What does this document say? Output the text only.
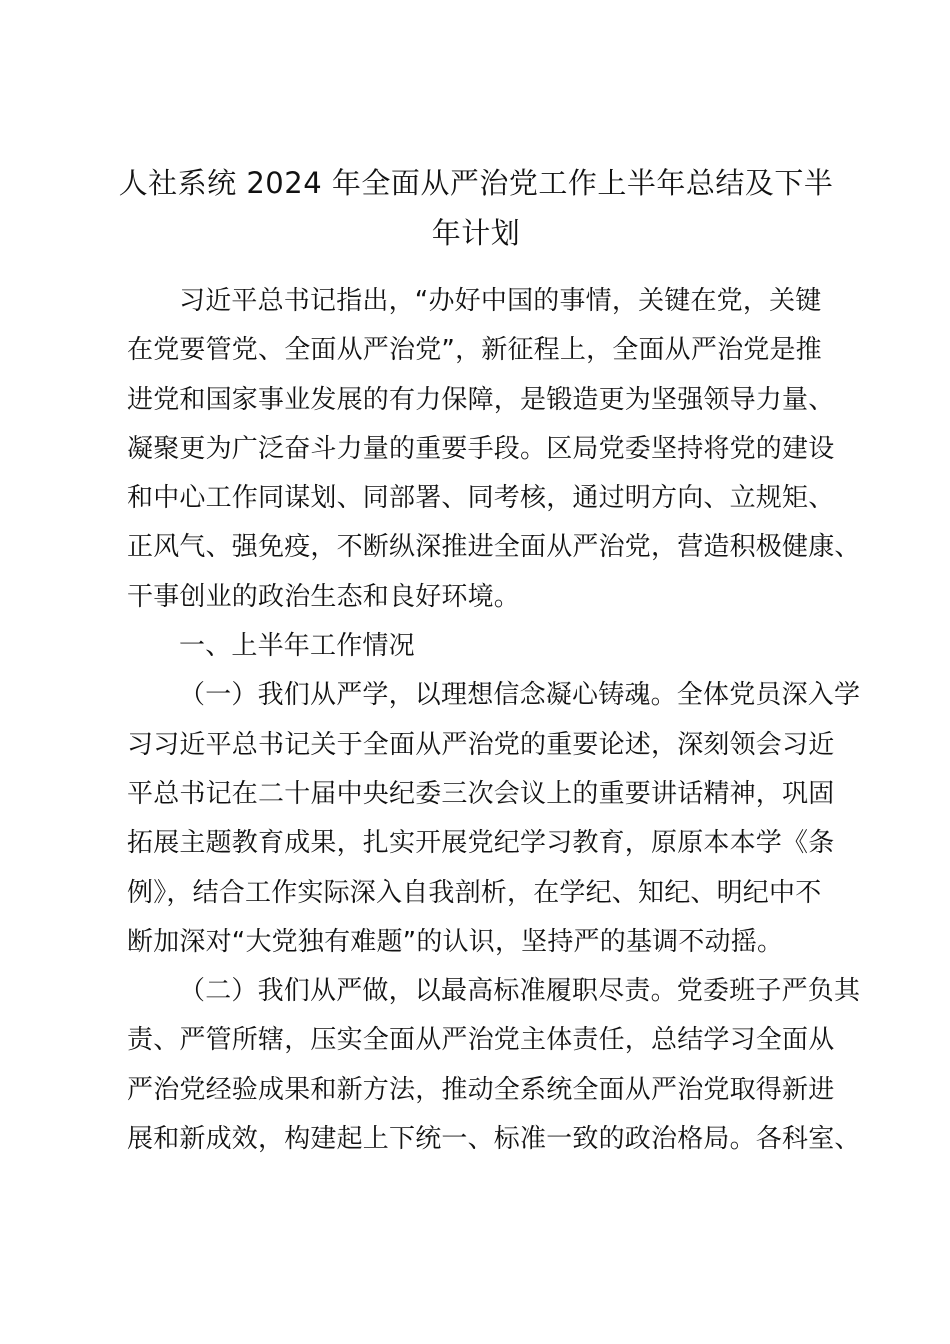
人社系统 2024 年全面从严治党工作上半年总结及下半
年计划
习近平总书记指出，“办好中国的事情，关键在党，关键
在党要管党、全面从严治党”，新征程上，全面从严治党是推
进党和国家事业发展的有力保障，是锻造更为坚强领导力量、
凝聚更为广泛奋斗力量的重要手段。区局党委坚持将党的建设
和中心工作同谋划、同部署、同考核，通过明方向、立规矩、
正风气、强免疫，不断纵深推进全面从严治党，营造积极健康、
干事创业的政治生态和良好环境。
一、上半年工作情况
（一）我们从严学，以理想信念凝心铸魂。全体党员深入学
习习近平总书记关于全面从严治党的重要论述，深刻领会习近
平总书记在二十届中央纪委三次会议上的重要讲话精神，巩固
拓展主题教育成果，扎实开展党纪学习教育，原原本本学《条
例》，结合工作实际深入自我剖析，在学纪、知纪、明纪中不
断加深对“大党独有难题”的认识，坚持严的基调不动摇。
（二）我们从严做，以最高标准履职尽责。党委班子严负其
责、严管所辖，压实全面从严治党主体责任，总结学习全面从
严治党经验成果和新方法，推动全系统全面从严治党取得新进
展和新成效，构建起上下统一、标准一致的政治格局。各科室、
